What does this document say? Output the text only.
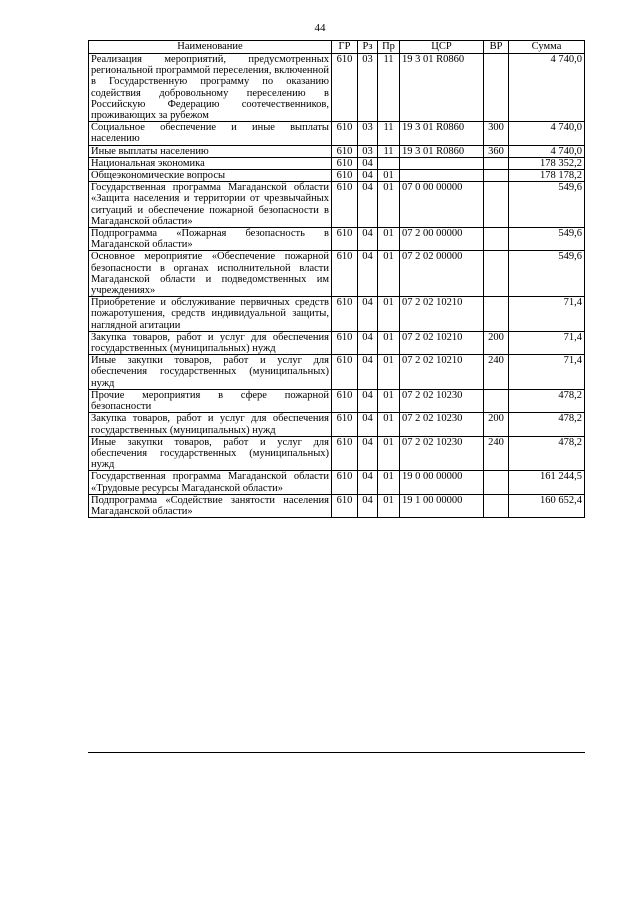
44
Наименование	ГР	Рз	Пр	ЦСР	ВР	Сумма
Реализация мероприятий, предусмотренных региональной программой переселения, включенной в Государственную программу по оказанию содействия добровольному переселению в Российскую Федерацию соотечественников, проживающих за рубежом	610	03	11	19 3 01 R0860		4 740,0
Социальное обеспечение и иные выплаты населению	610	03	11	19 3 01 R0860	300	4 740,0
Иные выплаты населению	610	03	11	19 3 01 R0860	360	4 740,0
Национальная экономика	610	04				178 352,2
Общеэкономические вопросы	610	04	01			178 178,2
Государственная программа Магаданской области «Защита населения и территории от чрезвычайных ситуаций и обеспечение пожарной безопасности в Магаданской области»	610	04	01	07 0 00 00000		549,6
Подпрограмма «Пожарная безопасность в Магаданской области»	610	04	01	07 2 00 00000		549,6
Основное мероприятие «Обеспечение пожарной безопасности в органах исполнительной власти Магаданской области и подведомственных им учреждениях»	610	04	01	07 2 02 00000		549,6
Приобретение и обслуживание первичных средств пожаротушения, средств индивидуальной защиты, наглядной агитации	610	04	01	07 2 02 10210		71,4
Закупка товаров, работ и услуг для обеспечения государственных (муниципальных) нужд	610	04	01	07 2 02 10210	200	71,4
Иные закупки товаров, работ и услуг для обеспечения государственных (муниципальных) нужд	610	04	01	07 2 02 10210	240	71,4
Прочие мероприятия в сфере пожарной безопасности	610	04	01	07 2 02 10230		478,2
Закупка товаров, работ и услуг для обеспечения государственных (муниципальных) нужд	610	04	01	07 2 02 10230	200	478,2
Иные закупки товаров, работ и услуг для обеспечения государственных (муниципальных) нужд	610	04	01	07 2 02 10230	240	478,2
Государственная программа Магаданской области «Трудовые ресурсы Магаданской области»	610	04	01	19 0 00 00000		161 244,5
Подпрограмма «Содействие занятости населения Магаданской области»	610	04	01	19 1 00 00000		160 652,4
